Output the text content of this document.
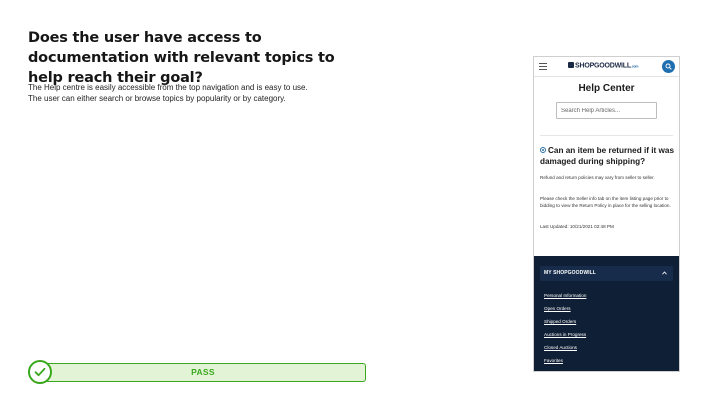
Does the user have access to documentation with relevant topics to help reach their goal?
The Help centre is easily accessible from the top navigation and is easy to use.
The user can either search or browse topics by popularity or by category.
PASS
SHOPGOODWILL.com
Help Center
Search Help Articles...
Can an item be returned if it was damaged during shipping?
Refund and return policies may vary from seller to seller.
Please check the Seller info tab on the item listing page prior to bidding to view the Return Policy in place for the selling location.
Last Updated: 10/21/2021 02:48 PM
MY SHOPGOODWILL
Personal Information
Open Orders
Shipped Orders
Auctions in Progress
Closed Auctions
Favorites
